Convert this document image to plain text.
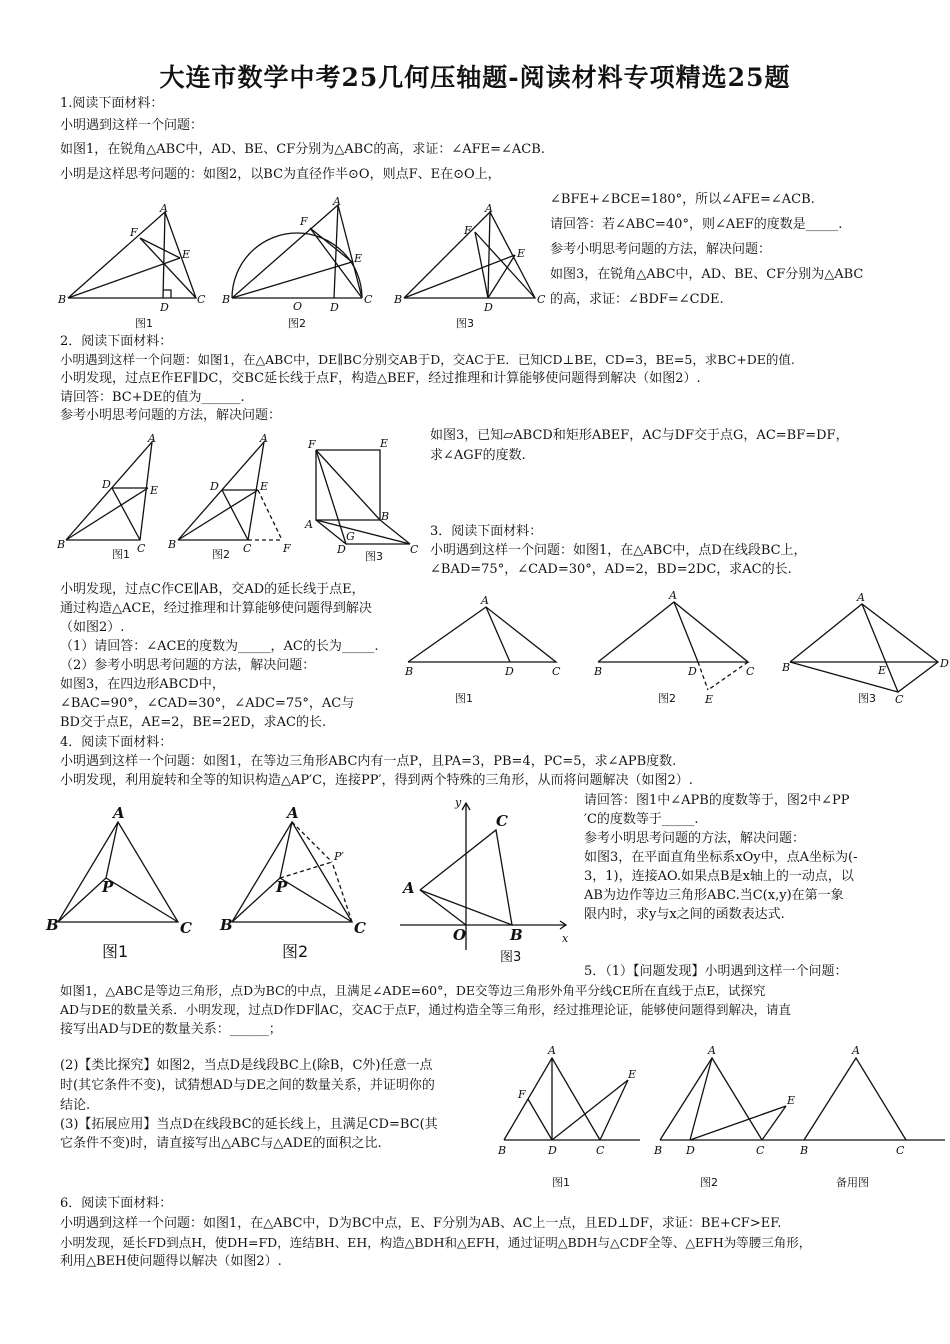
大连市数学中考25几何压轴题-阅读材料专项精选25题
1.阅读下面材料：
小明遇到这样一个问题：
如图1，在锐角△ABC中，AD、BE、CF分别为△ABC的高，求证：∠AFE=∠ACB.
小明是这样思考问题的：如图2，以BC为直径作半⊙O，则点F、E在⊙O上，
∠BFE+∠BCE=180°，所以∠AFE=∠ACB.
请回答：若∠ABC=40°，则∠AEF的度数是_____.
参考小明思考问题的方法，解决问题：
如图3，在锐角△ABC中，AD、BE、CF分别为△ABC
的高，求证：∠BDF=∠CDE.
A
B	C
D
E
F
图1
A
B	C
D
E
F
O
图2
A
B	C
D
E
F
图3
2．阅读下面材料：
小明遇到这样一个问题：如图1，在△ABC中，DE∥BC分别交AB于D，交AC于E．已知CD⊥BE，CD=3，BE=5，求BC+DE的值.
小明发现，过点E作EF∥DC，交BC延长线于点F，构造△BEF，经过推理和计算能够使问题得到解决（如图2）.
请回答：BC+DE的值为______.
参考小明思考问题的方法，解决问题：
如图3，已知▱ABCD和矩形ABEF，AC与DF交于点G，AC=BF=DF，
求∠AGF的度数.
A
B	C
D	E
图1
A
B	C
D	E
F
图2
F	E
A
B
C
D
G
图3
3．阅读下面材料：
小明遇到这样一个问题：如图1，在△ABC中，点D在线段BC上，
∠BAD=75°，∠CAD=30°，AD=2，BD=2DC，求AC的长.
小明发现，过点C作CE∥AB，交AD的延长线于点E，
通过构造△ACE，经过推理和计算能够使问题得到解决
（如图2）.
（1）请回答：∠ACE的度数为_____，AC的长为_____.
（2）参考小明思考问题的方法，解决问题：
如图3，在四边形ABCD中，
∠BAC=90°，∠CAD=30°，∠ADC=75°，AC与
BD交于点E，AE=2，BE=2ED，求AC的长.
A
B	C
D
图1
A
B	C
D
E
图2
A
B
C
D
E
图3
4．阅读下面材料：
小明遇到这样一个问题：如图1，在等边三角形ABC内有一点P，且PA=3，PB=4，PC=5，求∠APB度数.
小明发现，利用旋转和全等的知识构造△AP′C，连接PP′，得到两个特殊的三角形，从而将问题解决（如图2）.
请回答：图1中∠APB的度数等于，图2中∠PP
′C的度数等于_____.
参考小明思考问题的方法，解决问题：
如图3，在平面直角坐标系xOy中，点A坐标为(-
3，1)，连接AO.如果点B是x轴上的一动点，以
AB为边作等边三角形ABC.当C(x,y)在第一象
限内时，求y与x之间的函数表达式.
A
B	C
P
图1
A
B	C
P
P′
图2
y
x
A
C
B
O
图3
5．（1）【问题发现】小明遇到这样一个问题：
如图1，△ABC是等边三角形，点D为BC的中点，且满足∠ADE=60°，DE交等边三角形外角平分线CE所在直线于点E，试探究
AD与DE的数量关系．小明发现，过点D作DF∥AC，交AC于点F，通过构造全等三角形，经过推理论证，能够使问题得到解决，请直
接写出AD与DE的数量关系：______；
(2)【类比探究】如图2，当点D是线段BC上(除B，C外)任意一点
时(其它条件不变)，试猜想AD与DE之间的数量关系，并证明你的
结论.
(3)【拓展应用】当点D在线段BC的延长线上，且满足CD=BC(其
它条件不变)时，请直接写出△ABC与△ADE的面积之比.
A
B	D	C
F
E
图1
A
B D	C
E
图2
A
B	C
备用图
6．阅读下面材料：
小明遇到这样一个问题：如图1，在△ABC中，D为BC中点，E、F分别为AB、AC上一点，且ED⊥DF，求证：BE+CF>EF.
小明发现，延长FD到点H，使DH=FD，连结BH、EH，构造△BDH和△EFH，通过证明△BDH与△CDF全等、△EFH为等腰三角形，
利用△BEH使问题得以解决（如图2）.
